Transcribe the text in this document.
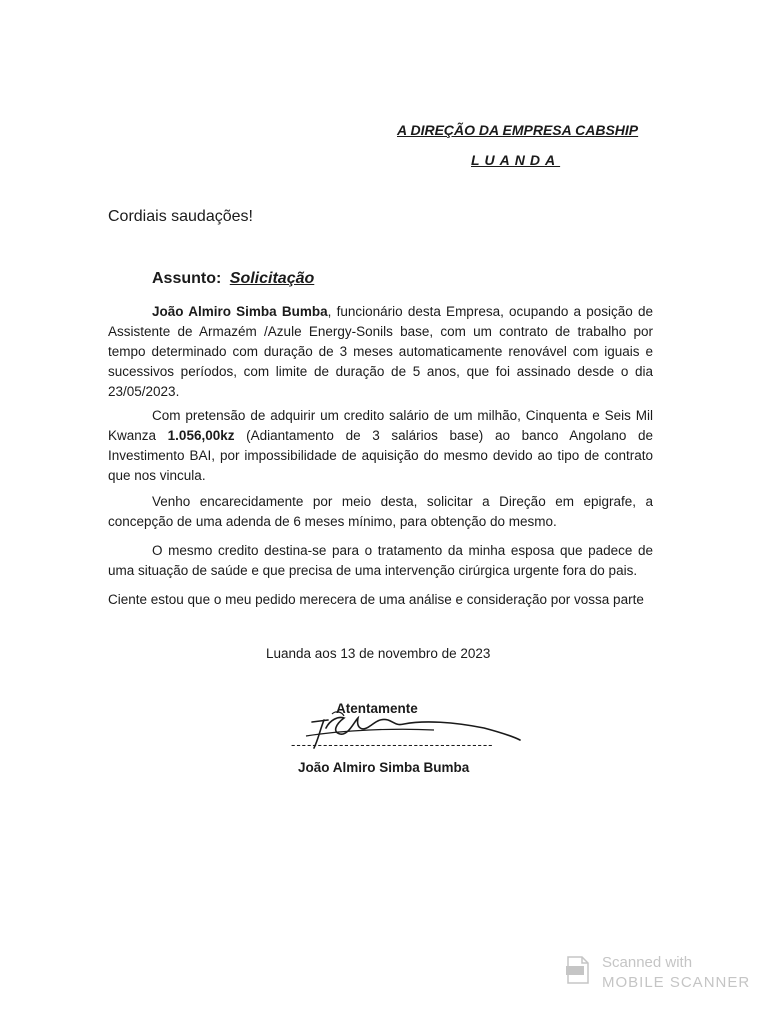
A DIREÇÃO DA EMPRESA CABSHIP
LUANDA
Cordiais saudações!
Assunto: Solicitação
João Almiro Simba Bumba, funcionário desta Empresa, ocupando a posição de Assistente de Armazém /Azule Energy-Sonils base, com um contrato de trabalho por tempo determinado com duração de 3 meses automaticamente renovável com iguais e sucessivos períodos, com limite de duração de 5 anos, que foi assinado desde o dia 23/05/2023.
Com pretensão de adquirir um credito salário de um milhão, Cinquenta e Seis Mil Kwanza 1.056,00kz (Adiantamento de 3 salários base) ao banco Angolano de Investimento BAI, por impossibilidade de aquisição do mesmo devido ao tipo de contrato que nos vincula.
Venho encarecidamente por meio desta, solicitar a Direção em epigrafe, a concepção de uma adenda de 6 meses mínimo, para obtenção do mesmo.
O mesmo credito destina-se para o tratamento da minha esposa que padece de uma situação de saúde e que precisa de uma intervenção cirúrgica urgente fora do pais.
Ciente estou que o meu pedido merecera de uma análise e consideração por vossa parte
Luanda aos 13 de novembro de 2023
Atentamente
--------------------------------------
João Almiro Simba Bumba
Scanned with
MOBILE SCANNER
